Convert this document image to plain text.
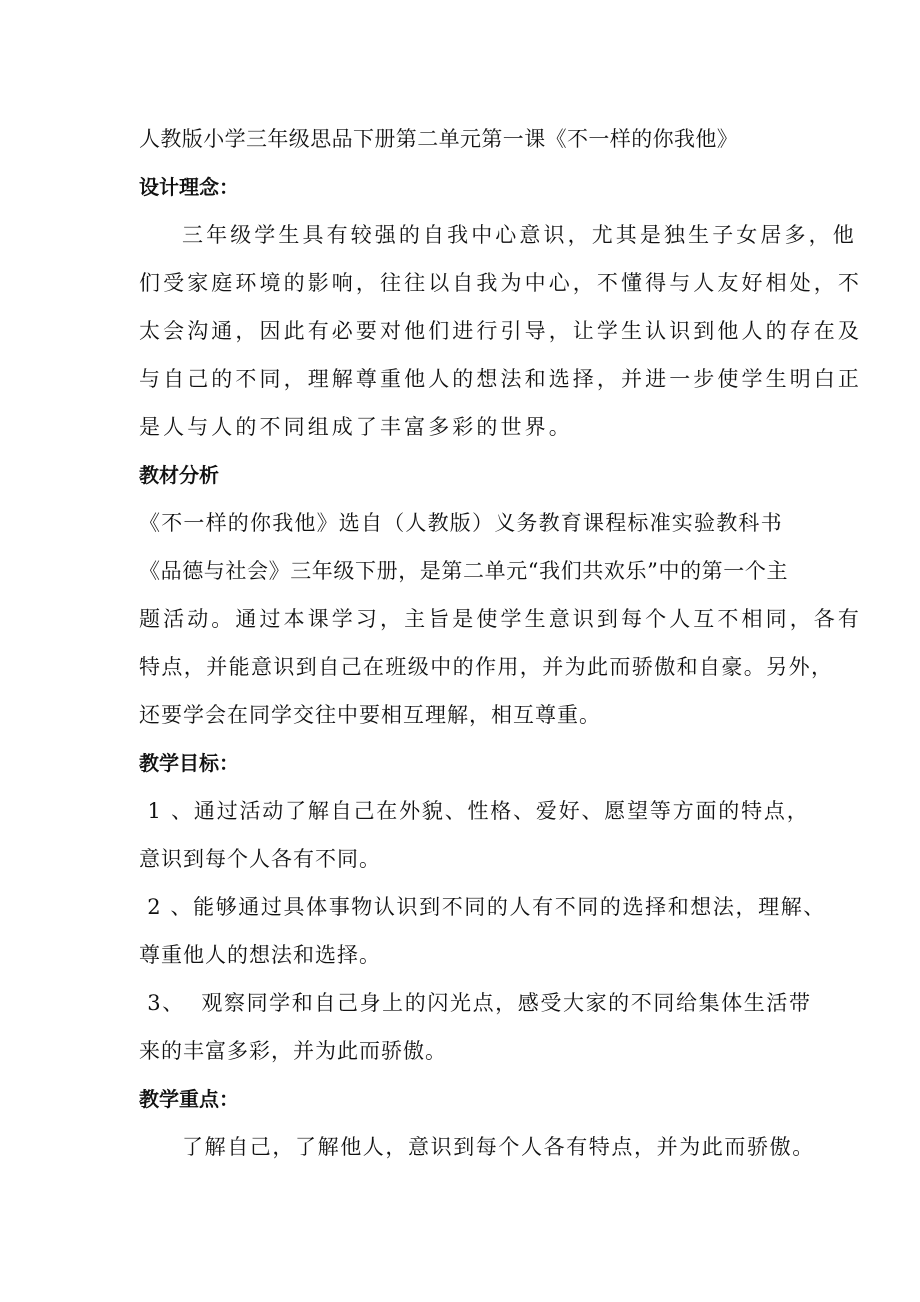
人教版小学三年级思品下册第二单元第一课《不一样的你我他》
设计理念：
三年级学生具有较强的自我中心意识，尤其是独生子女居多，他
们受家庭环境的影响，往往以自我为中心，不懂得与人友好相处，不
太会沟通，因此有必要对他们进行引导，让学生认识到他人的存在及
与自己的不同，理解尊重他人的想法和选择，并进一步使学生明白正
是人与人的不同组成了丰富多彩的世界。
教材分析
《不一样的你我他》选自（人教版）义务教育课程标准实验教科书
《品德与社会》三年级下册，是第二单元“我们共欢乐”中的第一个主
题活动。通过本课学习，主旨是使学生意识到每个人互不相同，各有
特点，并能意识到自己在班级中的作用，并为此而骄傲和自豪。另外，
还要学会在同学交往中要相互理解，相互尊重。
教学目标：
1 、通过活动了解自己在外貌、性格、爱好、愿望等方面的特点，
意识到每个人各有不同。
2 、能够通过具体事物认识到不同的人有不同的选择和想法，理解、
尊重他人的想法和选择。
3、  观察同学和自己身上的闪光点，感受大家的不同给集体生活带
来的丰富多彩，并为此而骄傲。
教学重点：
了解自己，了解他人，意识到每个人各有特点，并为此而骄傲。
